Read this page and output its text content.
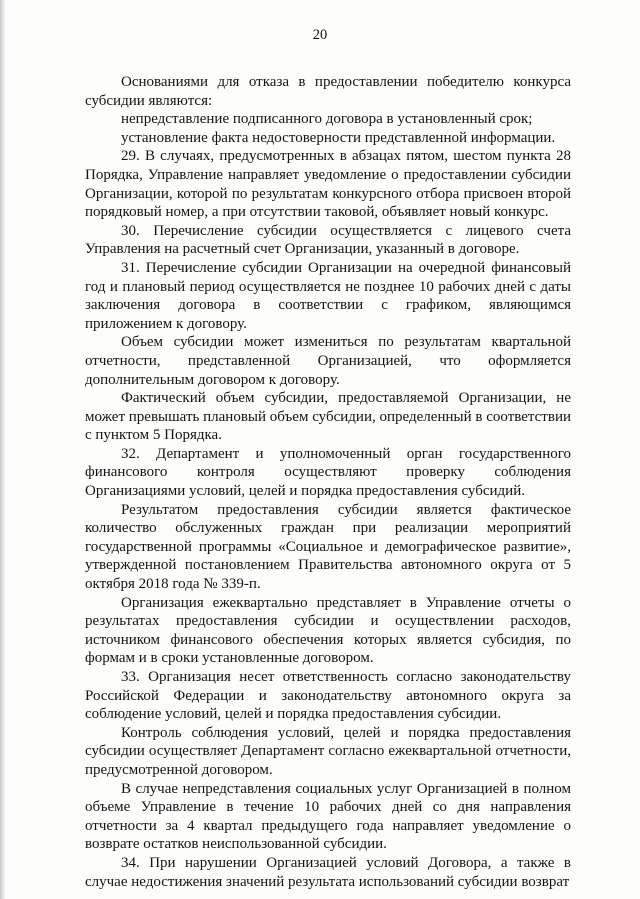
20

Основаниями для отказа в предоставлении победителю конкурса субсидии являются:

непредставление подписанного договора в установленный срок;

установление факта недостоверности представленной информации.

29. В случаях, предусмотренных в абзацах пятом, шестом пункта 28 Порядка, Управление направляет уведомление о предоставлении субсидии Организации, которой по результатам конкурсного отбора присвоен второй порядковый номер, а при отсутствии таковой, объявляет новый конкурс.

30. Перечисление субсидии осуществляется с лицевого счета Управления на расчетный счет Организации, указанный в договоре.

31. Перечисление субсидии Организации на очередной финансовый год и плановый период осуществляется не позднее 10 рабочих дней с даты заключения договора в соответствии с графиком, являющимся приложением к договору.

Объем субсидии может измениться по результатам квартальной отчетности, представленной Организацией, что оформляется дополнительным договором к договору.

Фактический объем субсидии, предоставляемой Организации, не может превышать плановый объем субсидии, определенный в соответствии с пунктом 5 Порядка.

32. Департамент и уполномоченный орган государственного финансового контроля осуществляют проверку соблюдения Организациями условий, целей и порядка предоставления субсидий.

Результатом предоставления субсидии является фактическое количество обслуженных граждан при реализации мероприятий государственной программы «Социальное и демографическое развитие», утвержденной постановлением Правительства автономного округа от 5 октября 2018 года № 339-п.

Организация ежеквартально представляет в Управление отчеты о результатах предоставления субсидии и осуществлении расходов, источником финансового обеспечения которых является субсидия, по формам и в сроки установленные договором.

33. Организация несет ответственность согласно законодательству Российской Федерации и законодательству автономного округа за соблюдение условий, целей и порядка предоставления субсидии.

Контроль соблюдения условий, целей и порядка предоставления субсидии осуществляет Департамент согласно ежеквартальной отчетности, предусмотренной договором.

В случае непредставления социальных услуг Организацией в полном объеме Управление в течение 10 рабочих дней со дня направления отчетности за 4 квартал предыдущего года направляет уведомление о возврате остатков неиспользованной субсидии.

34. При нарушении Организацией условий Договора, а также в случае недостижения значений результата использований субсидии возврат
